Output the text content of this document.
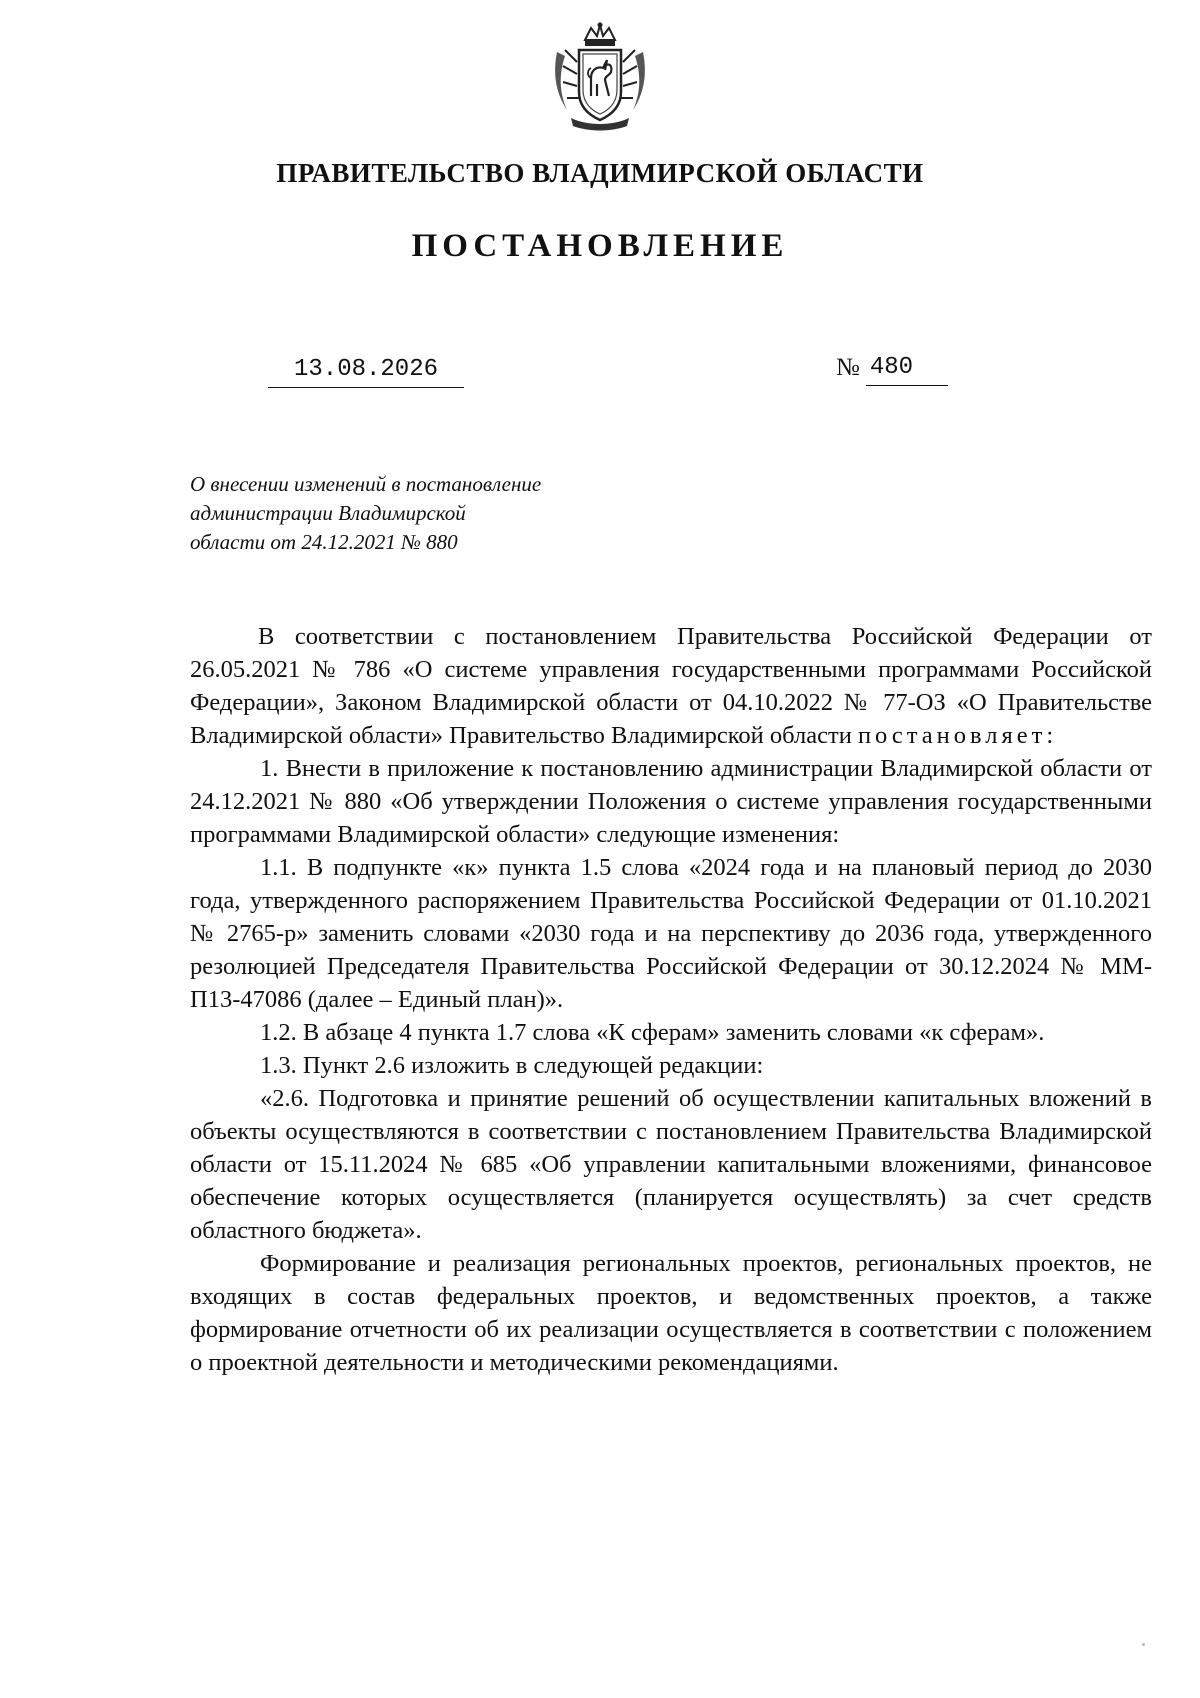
ПРАВИТЕЛЬСТВО ВЛАДИМИРСКОЙ ОБЛАСТИ
ПОСТАНОВЛЕНИЕ
13.08.2026	№ 480
О внесении изменений в постановление
администрации Владимирской
области от 24.12.2021 № 880

В соответствии с постановлением Правительства Российской Федерации от 26.05.2021 № 786 «О системе управления государственными программами Российской Федерации», Законом Владимирской области от 04.10.2022 № 77-ОЗ «О Правительстве Владимирской области» Правительство Владимирской области постановляет:

1. Внести в приложение к постановлению администрации Владимирской области от 24.12.2021 № 880 «Об утверждении Положения о системе управления государственными программами Владимирской области» следующие изменения:

1.1. В подпункте «к» пункта 1.5 слова «2024 года и на плановый период до 2030 года, утвержденного распоряжением Правительства Российской Федерации от 01.10.2021 № 2765-р» заменить словами «2030 года и на перспективу до 2036 года, утвержденного резолюцией Председателя Правительства Российской Федерации от 30.12.2024 № ММ-П13-47086 (далее – Единый план)».

1.2. В абзаце 4 пункта 1.7 слова «К сферам» заменить словами «к сферам».

1.3. Пункт 2.6 изложить в следующей редакции:

«2.6. Подготовка и принятие решений об осуществлении капитальных вложений в объекты осуществляются в соответствии с постановлением Правительства Владимирской области от 15.11.2024 № 685 «Об управлении капитальными вложениями, финансовое обеспечение которых осуществляется (планируется осуществлять) за счет средств областного бюджета».

Формирование и реализация региональных проектов, региональных проектов, не входящих в состав федеральных проектов, и ведомственных проектов, а также формирование отчетности об их реализации осуществляется в соответствии с положением о проектной деятельности и методическими рекомендациями.
